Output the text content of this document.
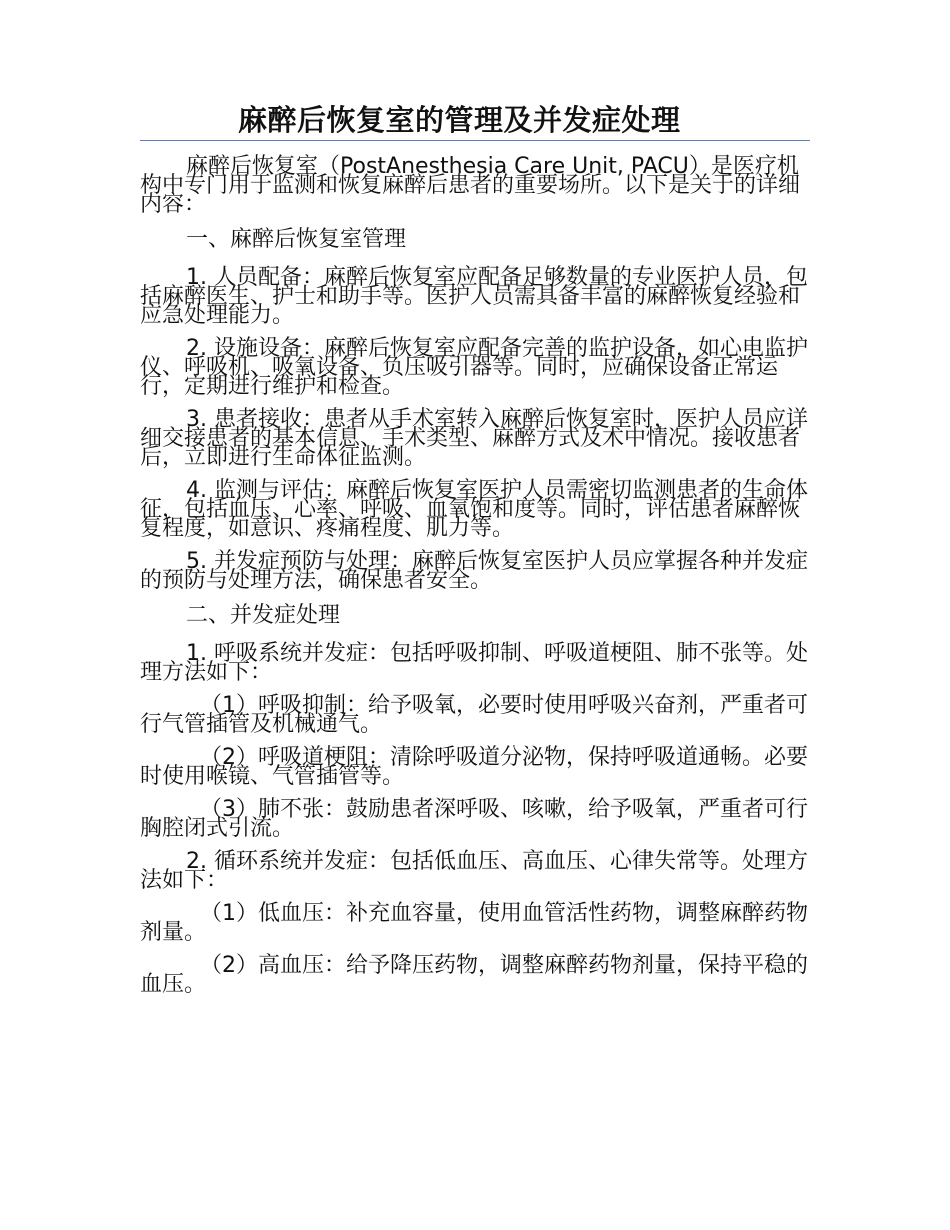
麻醉后恢复室的管理及并发症处理

麻醉后恢复室（PostAnesthesia Care Unit, PACU）是医疗机构中专门用于监测和恢复麻醉后患者的重要场所。以下是关于的详细内容：

一、麻醉后恢复室管理

1. 人员配备：麻醉后恢复室应配备足够数量的专业医护人员，包括麻醉医生、护士和助手等。医护人员需具备丰富的麻醉恢复经验和应急处理能力。

2. 设施设备：麻醉后恢复室应配备完善的监护设备，如心电监护仪、呼吸机、吸氧设备、负压吸引器等。同时，应确保设备正常运行，定期进行维护和检查。

3. 患者接收：患者从手术室转入麻醉后恢复室时，医护人员应详细交接患者的基本信息、手术类型、麻醉方式及术中情况。接收患者后，立即进行生命体征监测。

4. 监测与评估：麻醉后恢复室医护人员需密切监测患者的生命体征，包括血压、心率、呼吸、血氧饱和度等。同时，评估患者麻醉恢复程度，如意识、疼痛程度、肌力等。

5. 并发症预防与处理：麻醉后恢复室医护人员应掌握各种并发症的预防与处理方法，确保患者安全。

二、并发症处理

1. 呼吸系统并发症：包括呼吸抑制、呼吸道梗阻、肺不张等。处理方法如下：

（1）呼吸抑制：给予吸氧，必要时使用呼吸兴奋剂，严重者可行气管插管及机械通气。

（2）呼吸道梗阻：清除呼吸道分泌物，保持呼吸道通畅。必要时使用喉镜、气管插管等。

（3）肺不张：鼓励患者深呼吸、咳嗽，给予吸氧，严重者可行胸腔闭式引流。

2. 循环系统并发症：包括低血压、高血压、心律失常等。处理方法如下：

（1）低血压：补充血容量，使用血管活性药物，调整麻醉药物剂量。

（2）高血压：给予降压药物，调整麻醉药物剂量，保持平稳的血压。
